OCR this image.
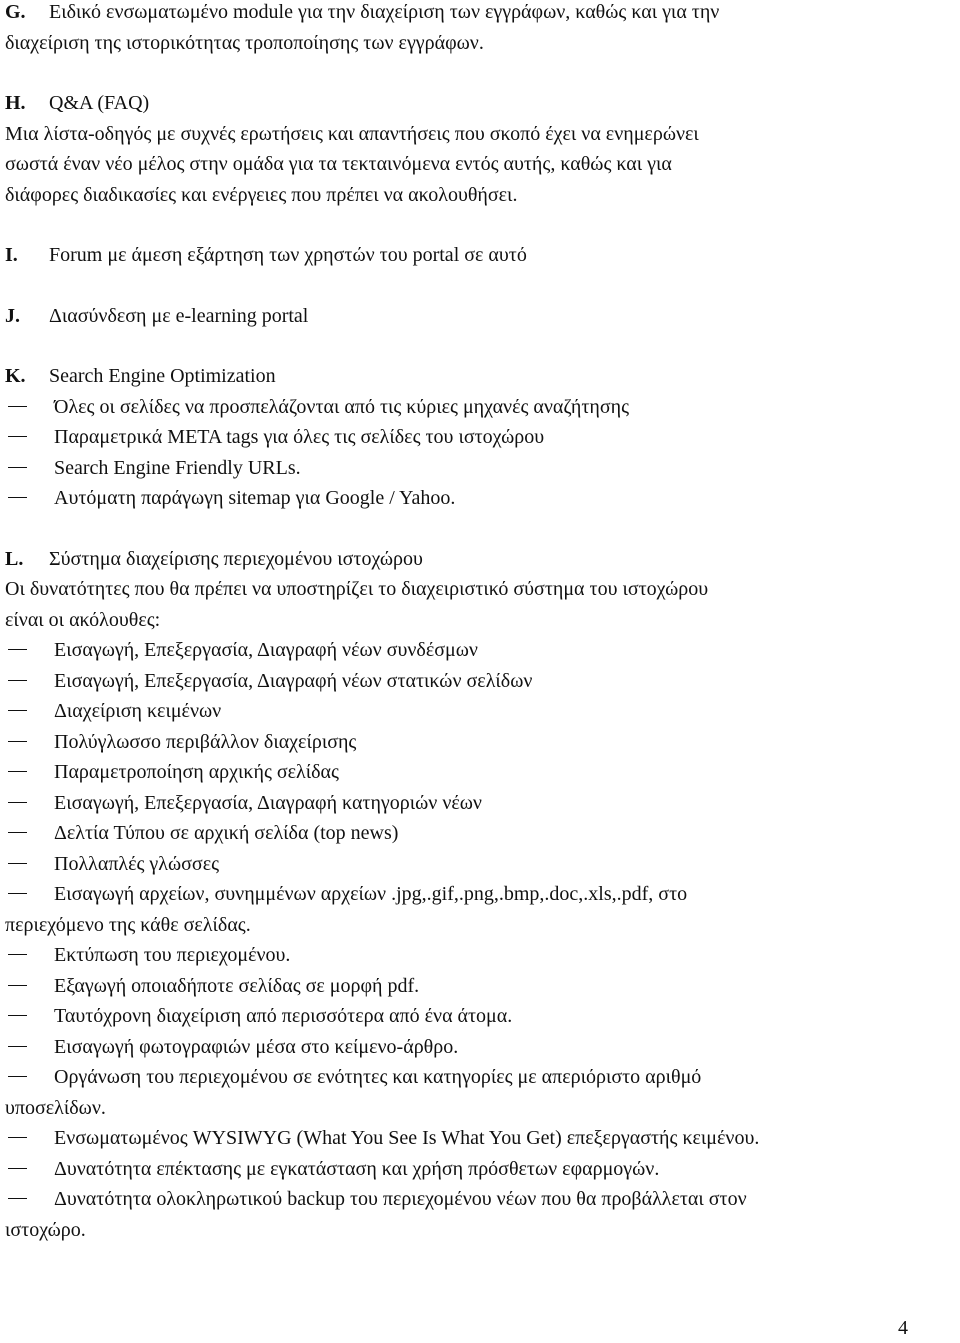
G. Ειδικό ενσωματωμένο module για την διαχείριση των εγγράφων, καθώς και για την
διαχείριση της ιστορικότητας τροποποίησης των εγγράφων.
H. Q&A (FAQ)
Μια λίστα-οδηγός με συχνές ερωτήσεις και απαντήσεις που σκοπό έχει να ενημερώνει
σωστά έναν νέο μέλος στην ομάδα για τα τεκταινόμενα εντός αυτής, καθώς και για
διάφορες διαδικασίες και ενέργειες που πρέπει να ακολουθήσει.
I. Forum με άμεση εξάρτηση των χρηστών του portal σε αυτό
J. Διασύνδεση με e-learning portal
K. Search Engine Optimization
Όλες οι σελίδες να προσπελάζονται από τις κύριες μηχανές αναζήτησης
Παραμετρικά META tags για όλες τις σελίδες του ιστοχώρου
Search Engine Friendly URLs.
Αυτόματη παράγωγη sitemap για Google / Yahoo.
L. Σύστημα διαχείρισης περιεχομένου ιστοχώρου
Οι δυνατότητες που θα πρέπει να υποστηρίζει το διαχειριστικό σύστημα του ιστοχώρου
είναι οι ακόλουθες:
Εισαγωγή, Επεξεργασία, Διαγραφή νέων συνδέσμων
Εισαγωγή, Επεξεργασία, Διαγραφή νέων στατικών σελίδων
Διαχείριση κειμένων
Πολύγλωσσο περιβάλλον διαχείρισης
Παραμετροποίηση αρχικής σελίδας
Εισαγωγή, Επεξεργασία, Διαγραφή κατηγοριών νέων
Δελτία Τύπου σε αρχική σελίδα (top news)
Πολλαπλές γλώσσες
Εισαγωγή αρχείων, συνημμένων αρχείων .jpg,.gif,.png,.bmp,.doc,.xls,.pdf, στο
περιεχόμενο της κάθε σελίδας.
Εκτύπωση του περιεχομένου.
Εξαγωγή οποιαδήποτε σελίδας σε μορφή pdf.
Ταυτόχρονη διαχείριση από περισσότερα από ένα άτομα.
Εισαγωγή φωτογραφιών μέσα στο κείμενο-άρθρο.
Οργάνωση του περιεχομένου σε ενότητες και κατηγορίες με απεριόριστο αριθμό
υποσελίδων.
Ενσωματωμένος WYSIWYG (What You See Is What You Get) επεξεργαστής κειμένου.
Δυνατότητα επέκτασης με εγκατάσταση και χρήση πρόσθετων εφαρμογών.
Δυνατότητα ολοκληρωτικού backup του περιεχομένου νέων που θα προβάλλεται στον
ιστοχώρο.
4
